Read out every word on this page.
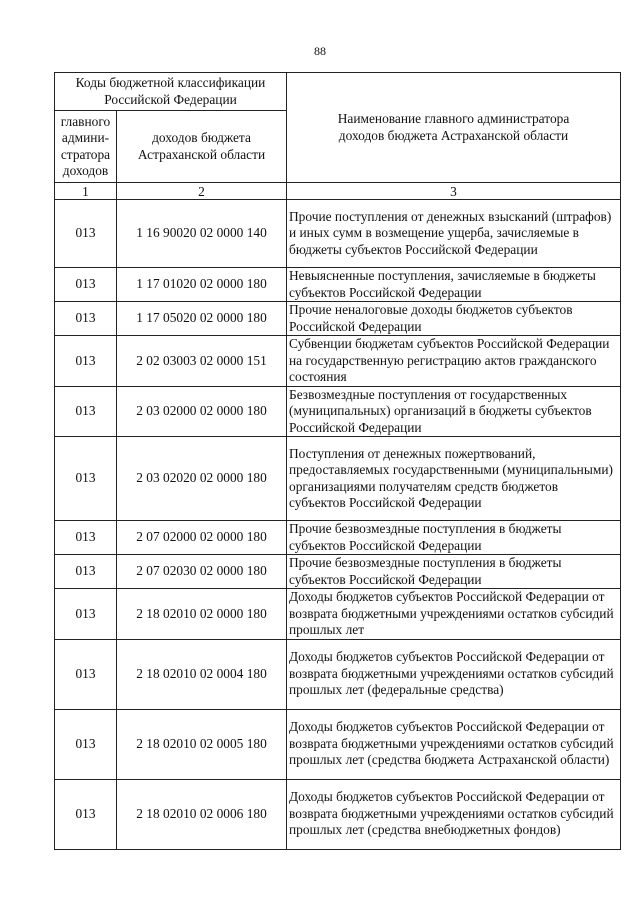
88
Коды бюджетной классификации Российской Федерации		Наименование главного администратора доходов бюджета Астраханской области
главного админи-стратора доходов	доходов бюджета Астраханской области	
1	2	3
013	1 16 90020 02 0000 140	Прочие поступления от денежных взысканий (штрафов) и иных сумм в возмещение ущерба, зачисляемые в бюджеты субъектов Российской Федерации
013	1 17 01020 02 0000 180	Невыясненные поступления, зачисляемые в бюджеты субъектов Российской Федерации
013	1 17 05020 02 0000 180	Прочие неналоговые доходы бюджетов субъектов Российской Федерации
013	2 02 03003 02 0000 151	Субвенции бюджетам субъектов Российской Федерации на государственную регистрацию актов гражданского состояния
013	2 03 02000 02 0000 180	Безвозмездные поступления от государственных (муниципальных) организаций в бюджеты субъектов Российской Федерации
013	2 03 02020 02 0000 180	Поступления от денежных пожертвований, предоставляемых государственными (муниципальными) организациями получателям средств бюджетов субъектов Российской Федерации
013	2 07 02000 02 0000 180	Прочие безвозмездные поступления в бюджеты субъектов Российской Федерации
013	2 07 02030 02 0000 180	Прочие безвозмездные поступления в бюджеты субъектов Российской Федерации
013	2 18 02010 02 0000 180	Доходы бюджетов субъектов Российской Федерации от возврата бюджетными учреждениями остатков субсидий прошлых лет
013	2 18 02010 02 0004 180	Доходы бюджетов субъектов Российской Федерации от возврата бюджетными учреждениями остатков субсидий прошлых лет (федеральные средства)
013	2 18 02010 02 0005 180	Доходы бюджетов субъектов Российской Федерации от возврата бюджетными учреждениями остатков субсидий прошлых лет (средства бюджета Астраханской области)
013	2 18 02010 02 0006 180	Доходы бюджетов субъектов Российской Федерации от возврата бюджетными учреждениями остатков субсидий прошлых лет (средства внебюджетных фондов)
